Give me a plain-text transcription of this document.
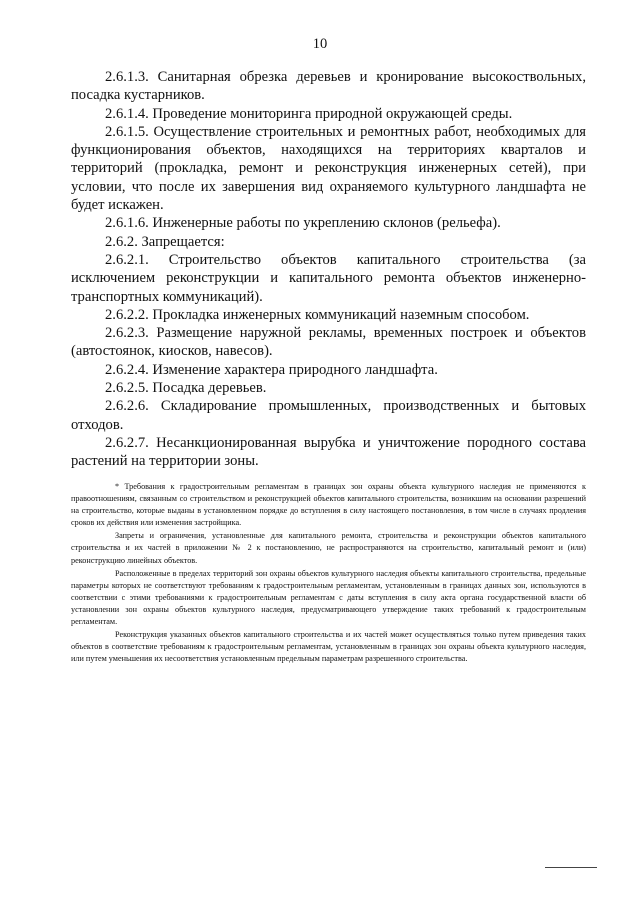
10

2.6.1.3. Санитарная обрезка деревьев и кронирование высокоствольных, посадка кустарников.

2.6.1.4. Проведение мониторинга природной окружающей среды.

2.6.1.5. Осуществление строительных и ремонтных работ, необходимых для функционирования объектов, находящихся на территориях кварталов и территорий (прокладка, ремонт и реконструкция инженерных сетей), при условии, что после их завершения вид охраняемого культурного ландшафта не будет искажен.

2.6.1.6. Инженерные работы по укреплению склонов (рельефа).

2.6.2. Запрещается:

2.6.2.1. Строительство объектов капитального строительства (за исключением реконструкции и капитального ремонта объектов инженерно-транспортных коммуникаций).

2.6.2.2. Прокладка инженерных коммуникаций наземным способом.

2.6.2.3. Размещение наружной рекламы, временных построек и объектов (автостоянок, киосков, навесов).

2.6.2.4. Изменение характера природного ландшафта.

2.6.2.5. Посадка деревьев.

2.6.2.6. Складирование промышленных, производственных и бытовых отходов.

2.6.2.7. Несанкционированная вырубка и уничтожение породного состава растений на территории зоны.

* Требования к градостроительным регламентам в границах зон охраны объекта культурного наследия не применяются к правоотношениям, связанным со строительством и реконструкцией объектов капитального строительства, возникшим на основании разрешений на строительство, которые выданы в установленном порядке до вступления в силу настоящего постановления, в том числе в случаях продления сроков их действия или изменения застройщика.

Запреты и ограничения, установленные для капитального ремонта, строительства и реконструкции объектов капитального строительства и их частей в приложении № 2 к постановлению, не распространяются на строительство, капитальный ремонт и (или) реконструкцию линейных объектов.

Расположенные в пределах территорий зон охраны объектов культурного наследия объекты капитального строительства, предельные параметры которых не соответствуют требованиям к градостроительным регламентам, установленным в границах данных зон, используются в соответствии с этими требованиями к градостроительным регламентам с даты вступления в силу акта органа государственной власти об установлении зон охраны объектов культурного наследия, предусматривающего утверждение таких требований к градостроительным регламентам.

Реконструкция указанных объектов капитального строительства и их частей может осуществляться только путем приведения таких объектов в соответствие требованиям к градостроительным регламентам, установленным в границах зон охраны объекта культурного наследия, или путем уменьшения их несоответствия установленным предельным параметрам разрешенного строительства.
